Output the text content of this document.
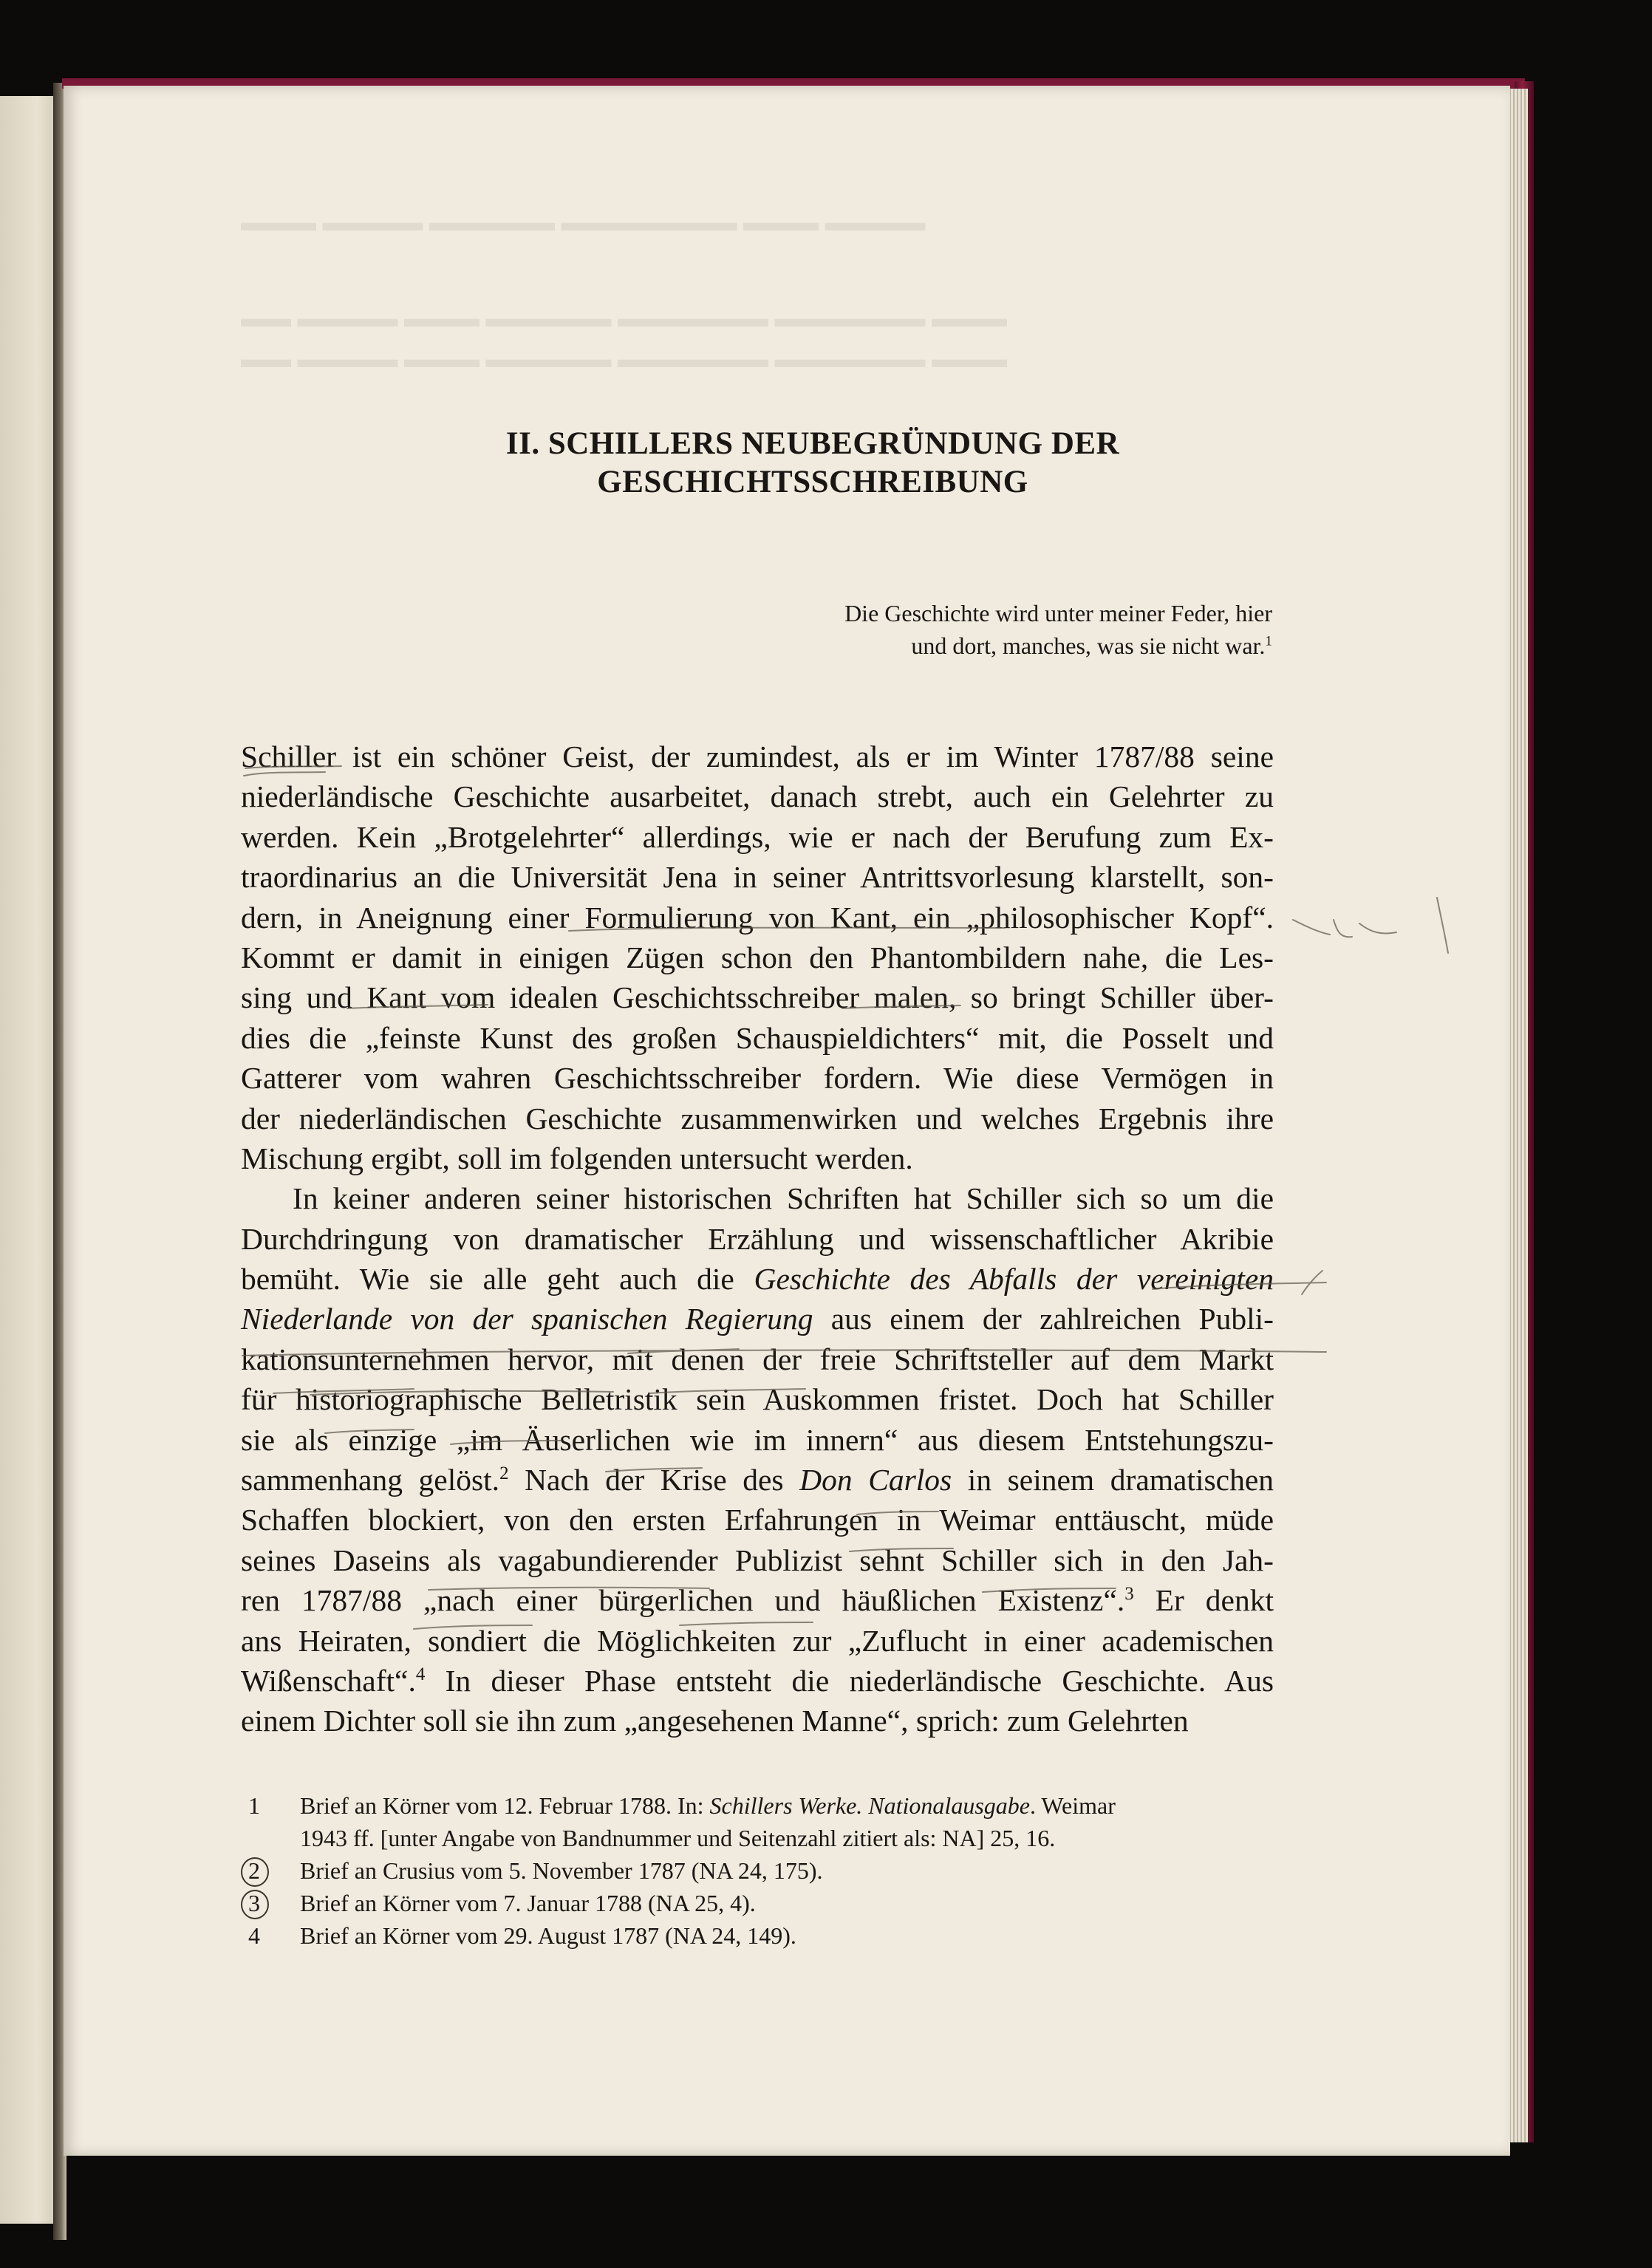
▬▬▬▬ ▬▬▬ ▬▬▬▬▬▬▬ ▬▬▬▬▬ ▬▬▬▬ ▬▬▬
▬▬▬ ▬▬▬▬▬▬ ▬▬▬▬▬▬ ▬▬▬▬▬ ▬▬▬ ▬▬▬▬ ▬▬
▬▬▬ ▬▬▬▬▬▬ ▬▬▬▬▬▬ ▬▬▬▬▬ ▬▬▬ ▬▬▬▬ ▬▬
II. SCHILLERS NEUBEGRÜNDUNG DER
GESCHICHTSSCHREIBUNG
Die Geschichte wird unter meiner Feder, hier
und dort, manches, was sie nicht war.$^1$
Schiller ist ein schöner Geist, der zumindest, als er im Winter 1787/88 seine
niederländische Geschichte ausarbeitet, danach strebt, auch ein Gelehrter zu
werden. Kein „Brotgelehrter“ allerdings, wie er nach der Berufung zum Ex-
traordinarius an die Universität Jena in seiner Antrittsvorlesung klarstellt, son-
dern, in Aneignung einer Formulierung von Kant, ein „philosophischer Kopf“.
Kommt er damit in einigen Zügen schon den Phantombildern nahe, die Les-
sing und Kant vom idealen Geschichtsschreiber malen, so bringt Schiller über-
dies die „feinste Kunst des großen Schauspieldichters“ mit, die Posselt und
Gatterer vom wahren Geschichtsschreiber fordern. Wie diese Vermögen in
der niederländischen Geschichte zusammenwirken und welches Ergebnis ihre
Mischung ergibt, soll im folgenden untersucht werden.
In keiner anderen seiner historischen Schriften hat Schiller sich so um die
Durchdringung von dramatischer Erzählung und wissenschaftlicher Akribie
bemüht. Wie sie alle geht auch die Geschichte des Abfalls der vereinigten
Niederlande von der spanischen Regierung aus einem der zahlreichen Publi-
kationsunternehmen hervor, mit denen der freie Schriftsteller auf dem Markt
für historiographische Belletristik sein Auskommen fristet. Doch hat Schiller
sie als einzige „im Äuserlichen wie im innern“ aus diesem Entstehungszu-
sammenhang gelöst.$^2$ Nach der Krise des Don Carlos in seinem dramatischen
Schaffen blockiert, von den ersten Erfahrungen in Weimar enttäuscht, müde
seines Daseins als vagabundierender Publizist sehnt Schiller sich in den Jah-
ren 1787/88 „nach einer bürgerlichen und häußlichen Existenz“.$^3$ Er denkt
ans Heiraten, sondiert die Möglichkeiten zur „Zuflucht in einer academischen
Wißenschaft“.$^4$ In dieser Phase entsteht die niederländische Geschichte. Aus
einem Dichter soll sie ihn zum „angesehenen Manne“, sprich: zum Gelehrten
1 Brief an Körner vom 12. Februar 1788. In: Schillers Werke. Nationalausgabe. Weimar
1943 ff. [unter Angabe von Bandnummer und Seitenzahl zitiert als: NA] 25, 16.
2 Brief an Crusius vom 5. November 1787 (NA 24, 175).
3 Brief an Körner vom 7. Januar 1788 (NA 25, 4).
4 Brief an Körner vom 29. August 1787 (NA 24, 149).
